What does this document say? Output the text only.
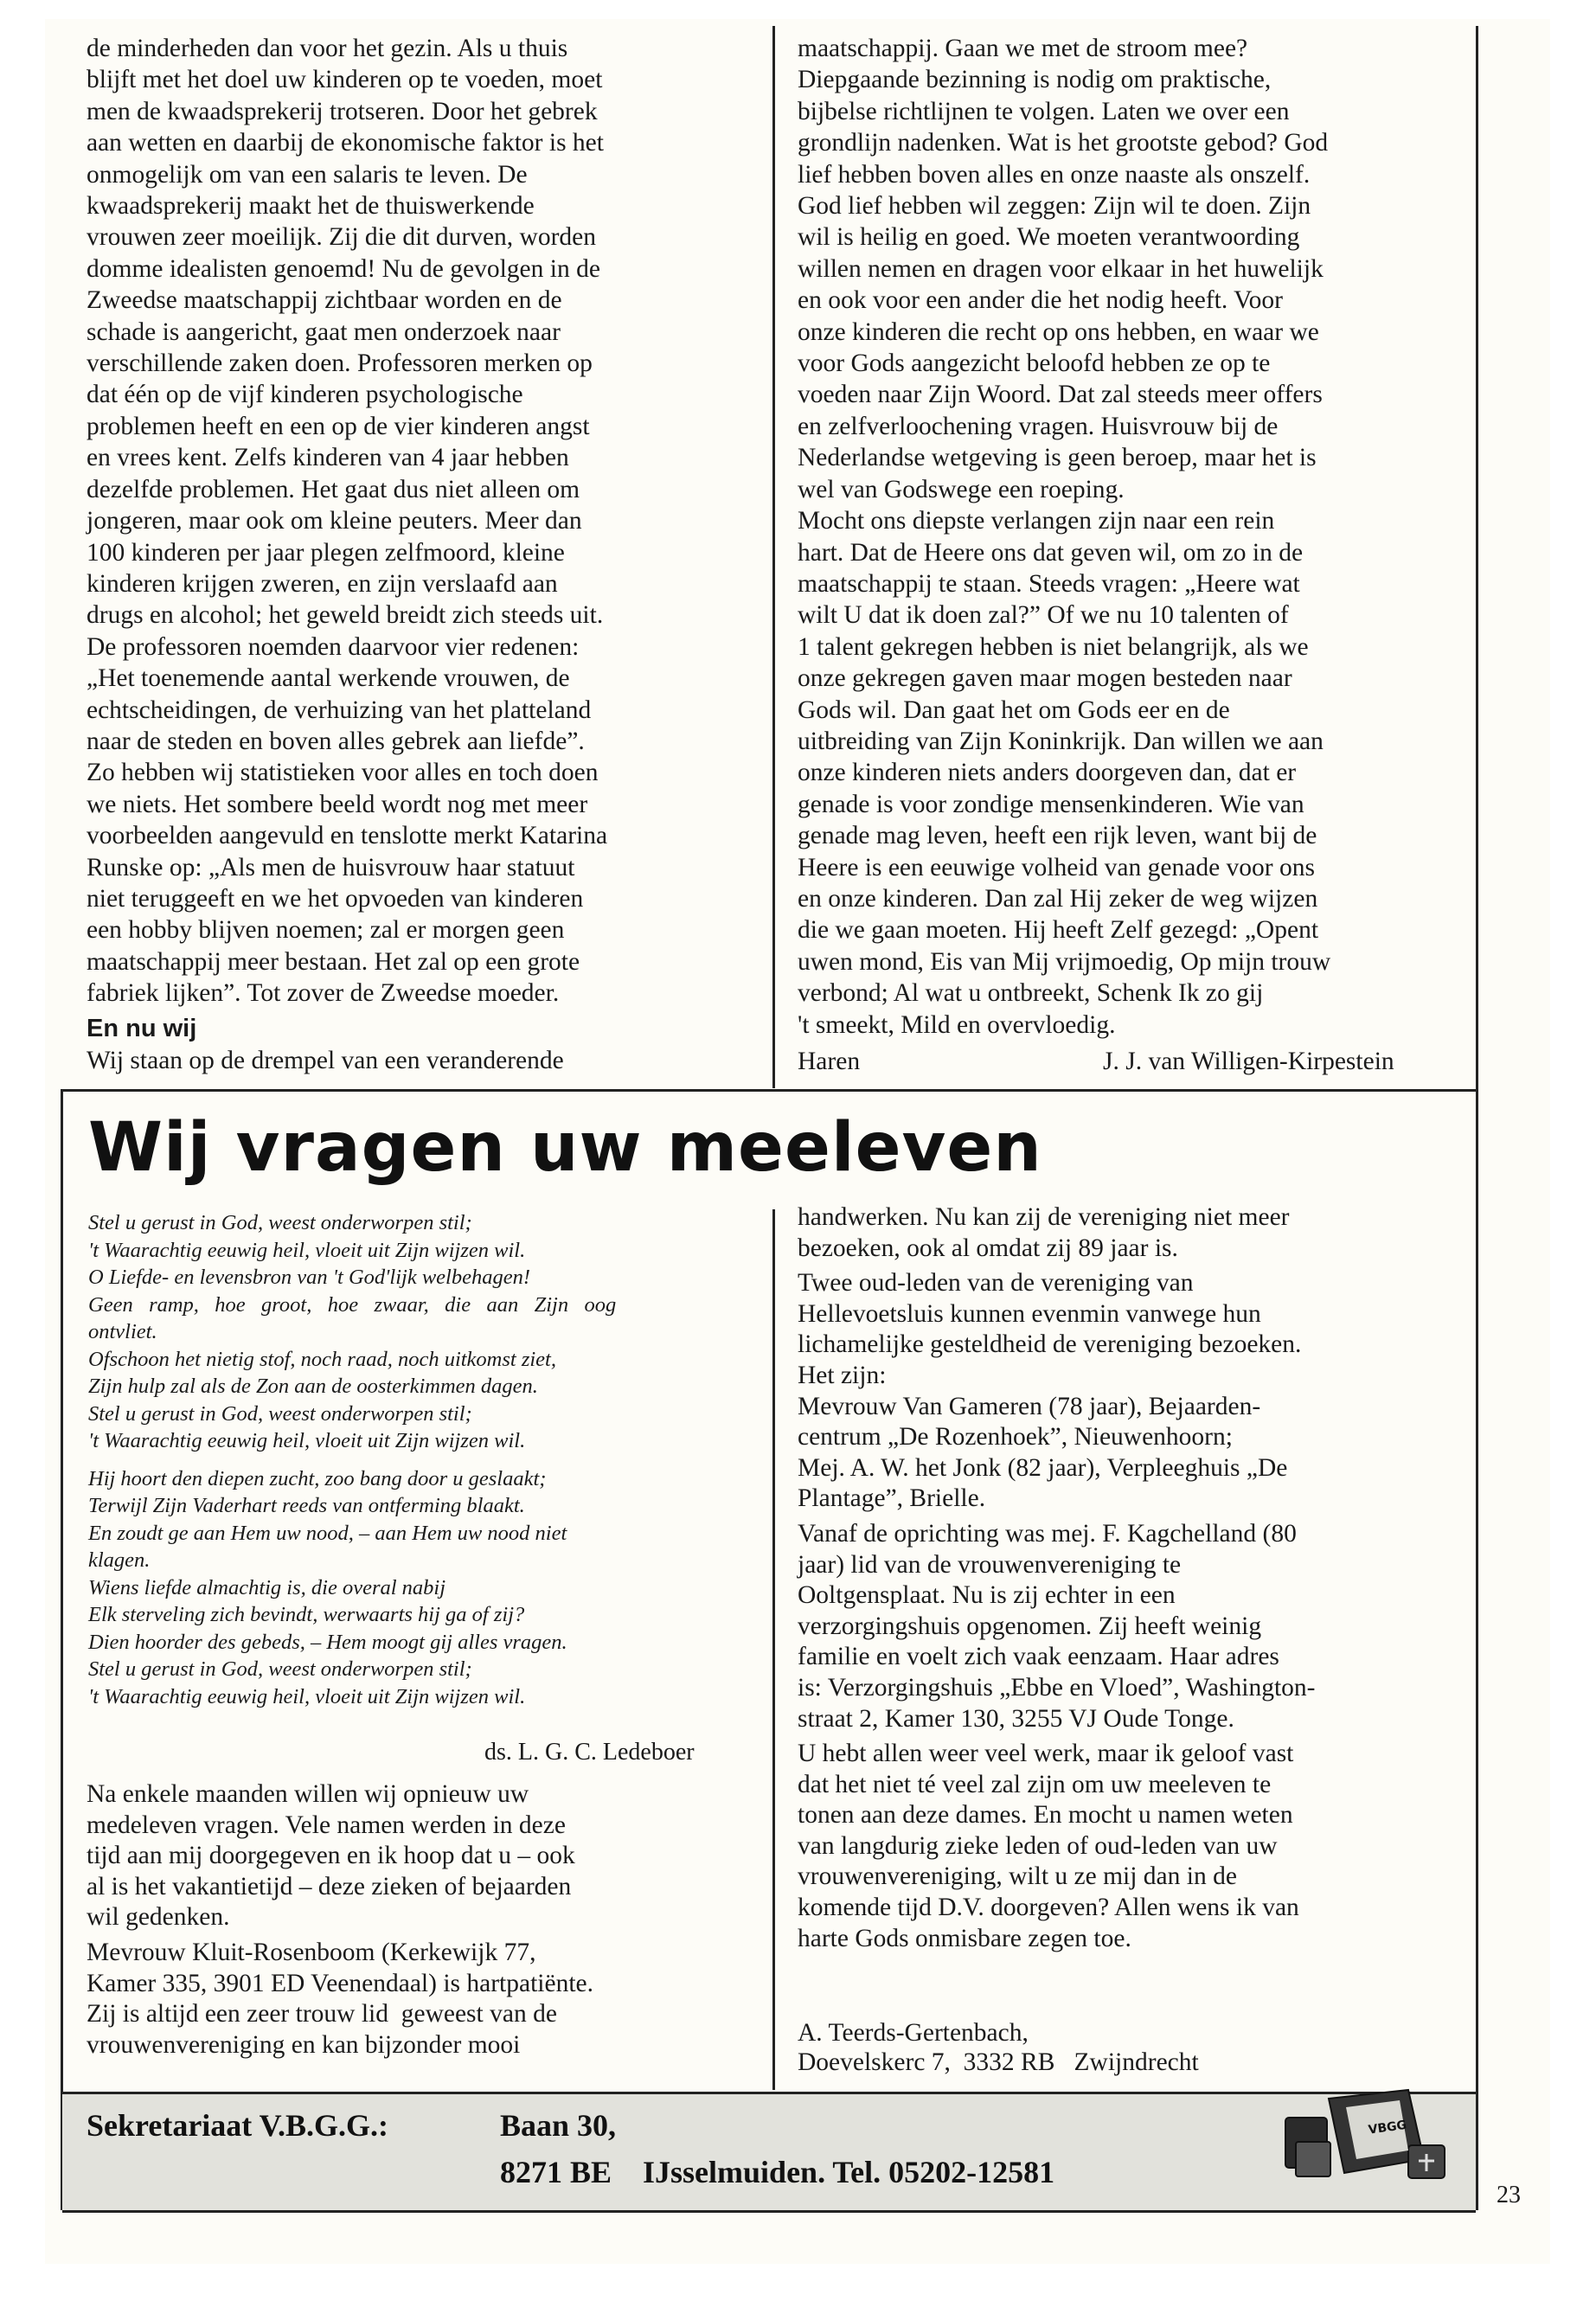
de minderheden dan voor het gezin. Als u thuis
blijft met het doel uw kinderen op te voeden, moet
men de kwaadsprekerij trotseren. Door het gebrek
aan wetten en daarbij de ekonomische faktor is het
onmogelijk om van een salaris te leven. De
kwaadsprekerij maakt het de thuiswerkende
vrouwen zeer moeilijk. Zij die dit durven, worden
domme idealisten genoemd! Nu de gevolgen in de
Zweedse maatschappij zichtbaar worden en de
schade is aangericht, gaat men onderzoek naar
verschillende zaken doen. Professoren merken op
dat één op de vijf kinderen psychologische
problemen heeft en een op de vier kinderen angst
en vrees kent. Zelfs kinderen van 4 jaar hebben
dezelfde problemen. Het gaat dus niet alleen om
jongeren, maar ook om kleine peuters. Meer dan
100 kinderen per jaar plegen zelfmoord, kleine
kinderen krijgen zweren, en zijn verslaafd aan
drugs en alcohol; het geweld breidt zich steeds uit.
De professoren noemden daarvoor vier redenen:
„Het toenemende aantal werkende vrouwen, de
echtscheidingen, de verhuizing van het platteland
naar de steden en boven alles gebrek aan liefde”.
Zo hebben wij statistieken voor alles en toch doen
we niets. Het sombere beeld wordt nog met meer
voorbeelden aangevuld en tenslotte merkt Katarina
Runske op: „Als men de huisvrouw haar statuut
niet teruggeeft en we het opvoeden van kinderen
een hobby blijven noemen; zal er morgen geen
maatschappij meer bestaan. Het zal op een grote
fabriek lijken”. Tot zover de Zweedse moeder.
En nu wij
Wij staan op de drempel van een veranderende
maatschappij. Gaan we met de stroom mee?
Diepgaande bezinning is nodig om praktische,
bijbelse richtlijnen te volgen. Laten we over een
grondlijn nadenken. Wat is het grootste gebod? God
lief hebben boven alles en onze naaste als onszelf.
God lief hebben wil zeggen: Zijn wil te doen. Zijn
wil is heilig en goed. We moeten verantwoording
willen nemen en dragen voor elkaar in het huwelijk
en ook voor een ander die het nodig heeft. Voor
onze kinderen die recht op ons hebben, en waar we
voor Gods aangezicht beloofd hebben ze op te
voeden naar Zijn Woord. Dat zal steeds meer offers
en zelfverloochening vragen. Huisvrouw bij de
Nederlandse wetgeving is geen beroep, maar het is
wel van Godswege een roeping.
Mocht ons diepste verlangen zijn naar een rein
hart. Dat de Heere ons dat geven wil, om zo in de
maatschappij te staan. Steeds vragen: „Heere wat
wilt U dat ik doen zal?” Of we nu 10 talenten of
1 talent gekregen hebben is niet belangrijk, als we
onze gekregen gaven maar mogen besteden naar
Gods wil. Dan gaat het om Gods eer en de
uitbreiding van Zijn Koninkrijk. Dan willen we aan
onze kinderen niets anders doorgeven dan, dat er
genade is voor zondige mensenkinderen. Wie van
genade mag leven, heeft een rijk leven, want bij de
Heere is een eeuwige volheid van genade voor ons
en onze kinderen. Dan zal Hij zeker de weg wijzen
die we gaan moeten. Hij heeft Zelf gezegd: „Opent
uwen mond, Eis van Mij vrijmoedig, Op mijn trouw
verbond; Al wat u ontbreekt, Schenk Ik zo gij
't smeekt, Mild en overvloedig.
Haren	J. J. van Willigen-Kirpestein
Wij vragen uw meeleven
Stel u gerust in God, weest onderworpen stil;
't Waarachtig eeuwig heil, vloeit uit Zijn wijzen wil.
O Liefde- en levensbron van 't God'lijk welbehagen!
Geen   ramp,   hoe   groot,   hoe   zwaar,   die   aan   Zijn   oog
ontvliet.
Ofschoon het nietig stof, noch raad, noch uitkomst ziet,
Zijn hulp zal als de Zon aan de oosterkimmen dagen.
Stel u gerust in God, weest onderworpen stil;
't Waarachtig eeuwig heil, vloeit uit Zijn wijzen wil.
Hij hoort den diepen zucht, zoo bang door u geslaakt;
Terwijl Zijn Vaderhart reeds van ontferming blaakt.
En zoudt ge aan Hem uw nood, – aan Hem uw nood niet
klagen.
Wiens liefde almachtig is, die overal nabij
Elk sterveling zich bevindt, werwaarts hij ga of zij?
Dien hoorder des gebeds, – Hem moogt gij alles vragen.
Stel u gerust in God, weest onderworpen stil;
't Waarachtig eeuwig heil, vloeit uit Zijn wijzen wil.
ds. L. G. C. Ledeboer
Na enkele maanden willen wij opnieuw uw
medeleven vragen. Vele namen werden in deze
tijd aan mij doorgegeven en ik hoop dat u – ook
al is het vakantietijd – deze zieken of bejaarden
wil gedenken.
Mevrouw Kluit-Rosenboom (Kerkewijk 77,
Kamer 335, 3901 ED Veenendaal) is hartpatiënte.
Zij is altijd een zeer trouw lid  geweest van de
vrouwenvereniging en kan bijzonder mooi
handwerken. Nu kan zij de vereniging niet meer
bezoeken, ook al omdat zij 89 jaar is.
Twee oud-leden van de vereniging van
Hellevoetsluis kunnen evenmin vanwege hun
lichamelijke gesteldheid de vereniging bezoeken.
Het zijn:
Mevrouw Van Gameren (78 jaar), Bejaarden-
centrum „De Rozenhoek”, Nieuwenhoorn;
Mej. A. W. het Jonk (82 jaar), Verpleeghuis „De
Plantage”, Brielle.
Vanaf de oprichting was mej. F. Kagchelland (80
jaar) lid van de vrouwenvereniging te
Ooltgensplaat. Nu is zij echter in een
verzorgingshuis opgenomen. Zij heeft weinig
familie en voelt zich vaak eenzaam. Haar adres
is: Verzorgingshuis „Ebbe en Vloed”, Washington-
straat 2, Kamer 130, 3255 VJ Oude Tonge.
U hebt allen weer veel werk, maar ik geloof vast
dat het niet té veel zal zijn om uw meeleven te
tonen aan deze dames. En mocht u namen weten
van langdurig zieke leden of oud-leden van uw
vrouwenvereniging, wilt u ze mij dan in de
komende tijd D.V. doorgeven? Allen wens ik van
harte Gods onmisbare zegen toe.
A. Teerds-Gertenbach,
Doevelskerc 7,  3332 RB   Zwijndrecht
Sekretariaat V.B.G.G.:	Baan 30,
8271 BE    IJsselmuiden. Tel. 05202-12581
VBGG
23
